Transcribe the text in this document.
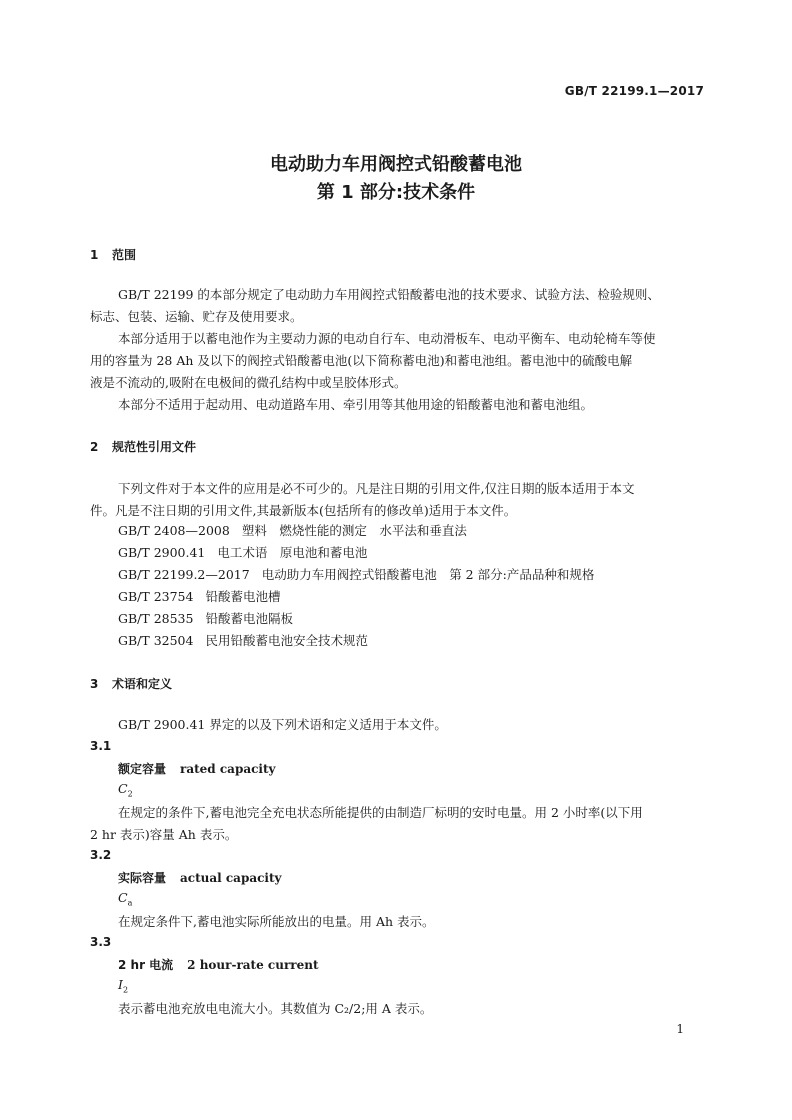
GB/T 22199.1—2017
电动助力车用阀控式铅酸蓄电池
第 1 部分:技术条件
1 范围
GB/T 22199 的本部分规定了电动助力车用阀控式铅酸蓄电池的技术要求、试验方法、检验规则、
标志、包装、运输、贮存及使用要求。
本部分适用于以蓄电池作为主要动力源的电动自行车、电动滑板车、电动平衡车、电动轮椅车等使
用的容量为 28 Ah 及以下的阀控式铅酸蓄电池(以下简称蓄电池)和蓄电池组。蓄电池中的硫酸电解
液是不流动的,吸附在电极间的微孔结构中或呈胶体形式。
本部分不适用于起动用、电动道路车用、牵引用等其他用途的铅酸蓄电池和蓄电池组。
2 规范性引用文件
下列文件对于本文件的应用是必不可少的。凡是注日期的引用文件,仅注日期的版本适用于本文
件。凡是不注日期的引用文件,其最新版本(包括所有的修改单)适用于本文件。
GB/T 2408—2008 塑料　燃烧性能的测定　水平法和垂直法
GB/T 2900.41 电工术语　原电池和蓄电池
GB/T 22199.2—2017 电动助力车用阀控式铅酸蓄电池　第 2 部分:产品品种和规格
GB/T 23754 铅酸蓄电池槽
GB/T 28535 铅酸蓄电池隔板
GB/T 32504 民用铅酸蓄电池安全技术规范
3 术语和定义
GB/T 2900.41 界定的以及下列术语和定义适用于本文件。
3.1
额定容量 rated capacity
$C_2$
在规定的条件下,蓄电池完全充电状态所能提供的由制造厂标明的安时电量。用 2 小时率(以下用
2 hr 表示)容量 Ah 表示。
3.2
实际容量 actual capacity
$C_a$
在规定条件下,蓄电池实际所能放出的电量。用 Ah 表示。
3.3
2 hr 电流 2 hour-rate current
$I_2$
表示蓄电池充放电电流大小。其数值为 C₂/2;用 A 表示。
1
